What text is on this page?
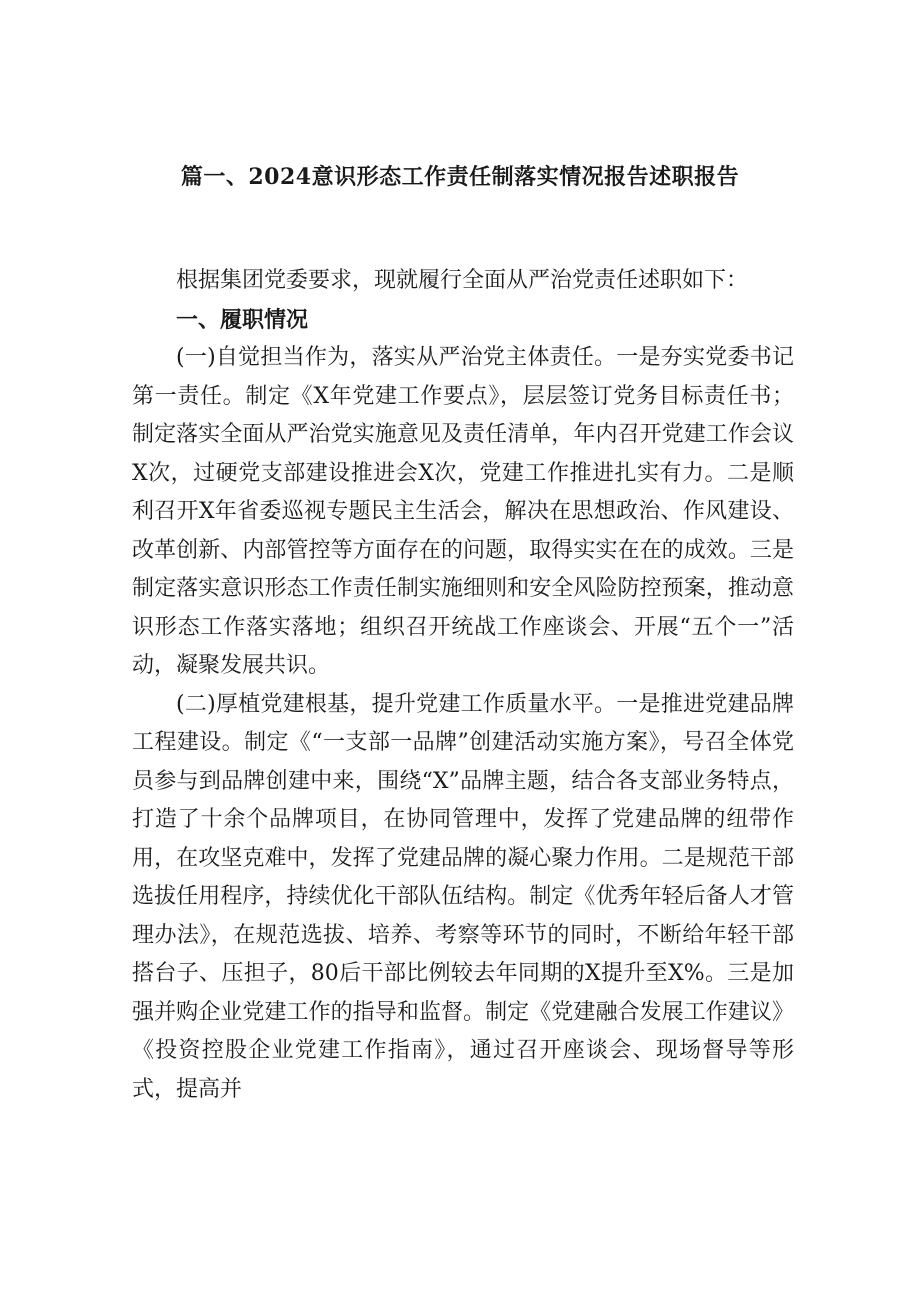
篇一、2024意识形态工作责任制落实情况报告述职报告

根据集团党委要求，现就履行全面从严治党责任述职如下：

一、履职情况

(一)自觉担当作为，落实从严治党主体责任。一是夯实党委书记第一责任。制定《X年党建工作要点》，层层签订党务目标责任书；制定落实全面从严治党实施意见及责任清单，年内召开党建工作会议X次，过硬党支部建设推进会X次，党建工作推进扎实有力。二是顺利召开X年省委巡视专题民主生活会，解决在思想政治、作风建设、改革创新、内部管控等方面存在的问题，取得实实在在的成效。三是制定落实意识形态工作责任制实施细则和安全风险防控预案，推动意识形态工作落实落地；组织召开统战工作座谈会、开展“五个一”活动，凝聚发展共识。

(二)厚植党建根基，提升党建工作质量水平。一是推进党建品牌工程建设。制定《“一支部一品牌”创建活动实施方案》，号召全体党员参与到品牌创建中来，围绕“X”品牌主题，结合各支部业务特点，打造了十余个品牌项目，在协同管理中，发挥了党建品牌的纽带作用，在攻坚克难中，发挥了党建品牌的凝心聚力作用。二是规范干部选拔任用程序，持续优化干部队伍结构。制定《优秀年轻后备人才管理办法》，在规范选拔、培养、考察等环节的同时，不断给年轻干部搭台子、压担子，80后干部比例较去年同期的X提升至X%。三是加强并购企业党建工作的指导和监督。制定《党建融合发展工作建议》《投资控股企业党建工作指南》，通过召开座谈会、现场督导等形式，提高并
